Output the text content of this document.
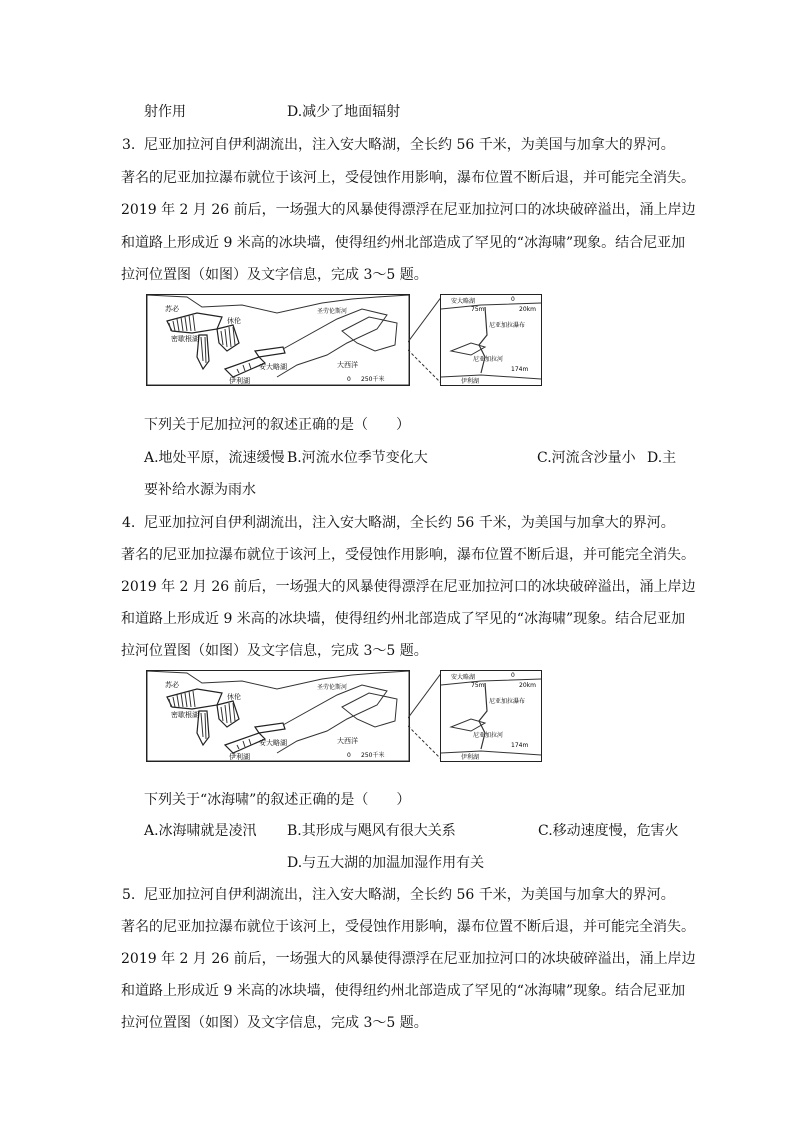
射作用	D.减少了地面辐射
3. 尼亚加拉河自伊利湖流出，注入安大略湖，全长约 56 千米，为美国与加拿大的界河。
著名的尼亚加拉瀑布就位于该河上，受侵蚀作用影响，瀑布位置不断后退，并可能完全消失。
2019 年 2 月 26 前后，一场强大的风暴使得漂浮在尼亚加拉河口的冰块破碎溢出，涌上岸边
和道路上形成近 9 米高的冰块墙，使得纽约州北部造成了罕见的“冰海啸”现象。结合尼亚加
拉河位置图（如图）及文字信息，完成 3～5 题。
苏必
密歇根湖
休伦
安大略湖
伊利湖
大西洋
圣劳伦斯河
0 250千米
安大略湖
75m
0
20km
尼亚加拉瀑布
尼亚加拉河
174m
伊利湖
下列关于尼加拉河的叙述正确的是（　　）
A.地处平原，流速缓慢 B.河流水位季节变化大	C.河流含沙量小 D.主
要补给水源为雨水
4. 尼亚加拉河自伊利湖流出，注入安大略湖，全长约 56 千米，为美国与加拿大的界河。
著名的尼亚加拉瀑布就位于该河上，受侵蚀作用影响，瀑布位置不断后退，并可能完全消失。
2019 年 2 月 26 前后，一场强大的风暴使得漂浮在尼亚加拉河口的冰块破碎溢出，涌上岸边
和道路上形成近 9 米高的冰块墙，使得纽约州北部造成了罕见的“冰海啸”现象。结合尼亚加
拉河位置图（如图）及文字信息，完成 3～5 题。
苏必
密歇根湖
休伦
安大略湖
伊利湖
大西洋
圣劳伦斯河
0 250千米
安大略湖
75m
0
20km
尼亚加拉瀑布
尼亚加拉河
174m
伊利湖
下列关于“冰海啸”的叙述正确的是（　　）
A.冰海啸就是凌汛 B.其形成与飓风有很大关系	C.移动速度慢，危害火
D.与五大湖的加温加湿作用有关
5. 尼亚加拉河自伊利湖流出，注入安大略湖，全长约 56 千米，为美国与加拿大的界河。
著名的尼亚加拉瀑布就位于该河上，受侵蚀作用影响，瀑布位置不断后退，并可能完全消失。
2019 年 2 月 26 前后，一场强大的风暴使得漂浮在尼亚加拉河口的冰块破碎溢出，涌上岸边
和道路上形成近 9 米高的冰块墙，使得纽约州北部造成了罕见的“冰海啸”现象。结合尼亚加
拉河位置图（如图）及文字信息，完成 3～5 题。
